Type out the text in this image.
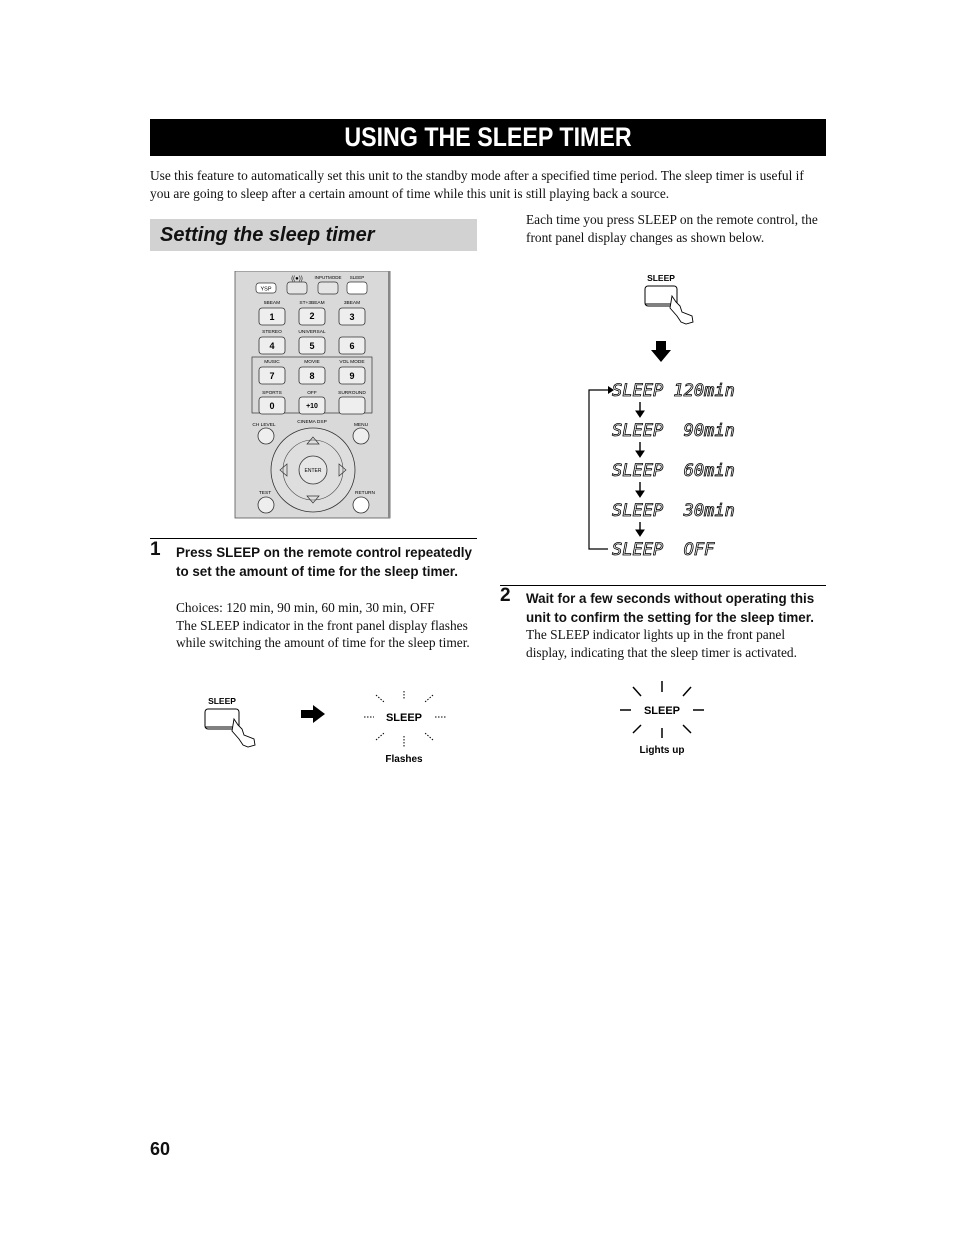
USING THE SLEEP TIMER
Use this feature to automatically set this unit to the standby mode after a specified time period. The sleep timer is useful if you are going to sleep after a certain amount of time while this unit is still playing back a source.
Setting the sleep timer
Each time you press SLEEP on the remote control, the front panel display changes as shown below.
((●))	INPUTMODE SLEEP
YSP
5BEAM	ST+3BEAM	3BEAM
1	2	3
STEREO	UNIVERSAL
4	5	6
MUSIC	MOVIE	VOL MODE
7	8	9
SPORTS	OFF	SURROUND
0	+10
CH LEVEL
CINEMA DSP
MENU
ENTER
TEST	RETURN
SLEEP
SLEEP 120min
SLEEP  90min
SLEEP  60min
SLEEP  30min
SLEEP  OFF
1 Press SLEEP on the remote control repeatedly to set the amount of time for the sleep timer.
Choices: 120 min, 90 min, 60 min, 30 min, OFF
The SLEEP indicator in the front panel display flashes while switching the amount of time for the sleep timer.
SLEEP
SLEEP
Flashes
2 Wait for a few seconds without operating this unit to confirm the setting for the sleep timer.
The SLEEP indicator lights up in the front panel display, indicating that the sleep timer is activated.
SLEEP
Lights up
60
